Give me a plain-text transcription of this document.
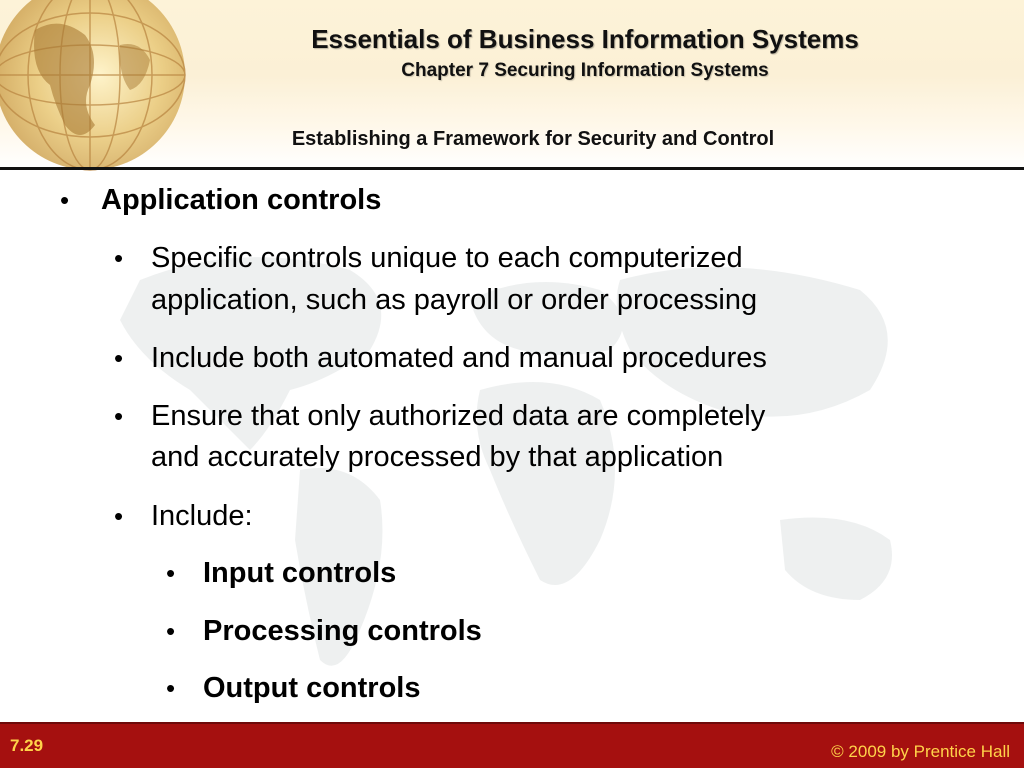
Essentials of Business Information Systems
Chapter 7 Securing Information Systems
Establishing a Framework for Security and Control
• Application controls
• Specific controls unique to each computerized
application, such as payroll or order processing
• Include both automated and manual procedures
• Ensure that only authorized data are completely
and accurately processed by that application
• Include:
• Input controls
• Processing controls
• Output controls
7.29	© 2009 by Prentice Hall
